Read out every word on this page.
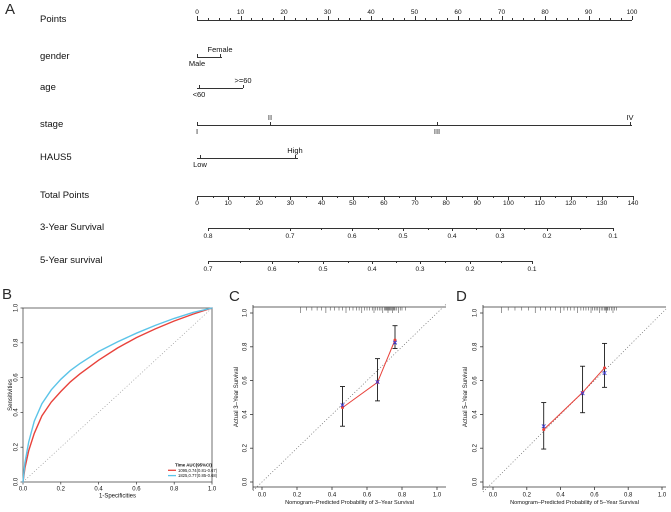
A
B	C	D
Points
0	10	20	30	40	50	60	70	80	90	100
gender
Male
Female
age
<60
>=60
stage
I
II
III
IV
HAUS5
Low
High
Total Points
0	10	20	30	40	50	60	70	80	90	100	110	120	130	140
3-Year Survival
0.8	0.7	0.6	0.5	0.4	0.3	0.2	0.1
5-Year survival
0.7	0.6	0.5	0.4	0.3	0.2	0.1
0.0	0.2	0.4	0.6	0.8	1.0
0.0
0.2
0.4
0.6
0.8
1.0
1-Specificities
Sensitivities
Time AUC(95%CI)
1095,0.74(0.81-0.67)
1825,0.77(0.85-0.68)
0.0	0.2	0.4	0.6	0.8	1.0
0.0
0.2
0.4
0.6
0.8
1.0
Nomogram–Predicted Probability of 3–Year Survival
Actual 3–Year Survival
0.0	0.2	0.4	0.6	0.8	1.0
0.0
0.2
0.4
0.6
0.8
1.0
Nomogram–Predicted Probability of 5–Year Survival
Actual 5–Year Survival
